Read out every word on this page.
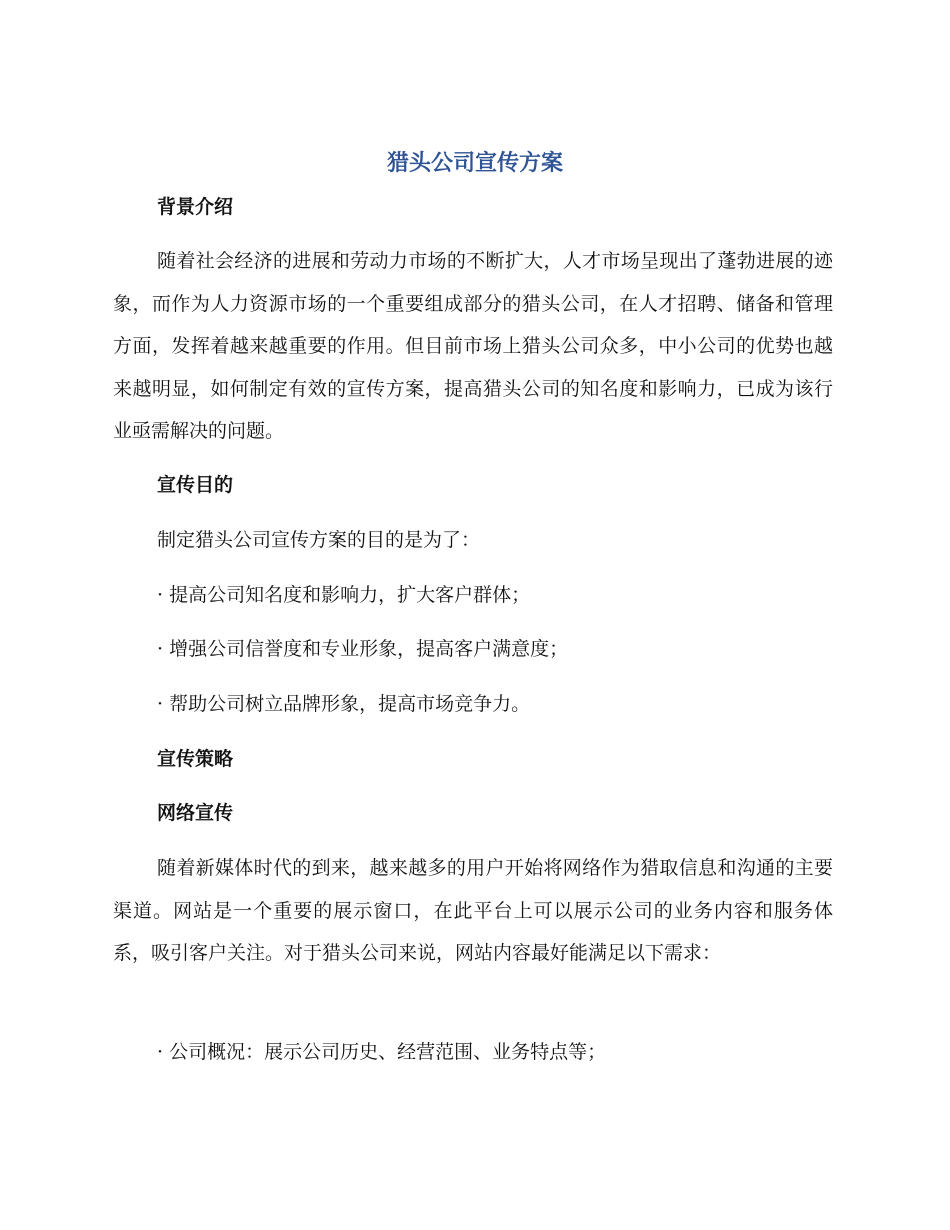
猎头公司宣传方案
背景介绍

随着社会经济的进展和劳动力市场的不断扩大，人才市场呈现出了蓬勃进展的迹象，而作为人力资源市场的一个重要组成部分的猎头公司，在人才招聘、储备和管理方面，发挥着越来越重要的作用。但目前市场上猎头公司众多，中小公司的优势也越来越明显，如何制定有效的宣传方案，提高猎头公司的知名度和影响力，已成为该行业亟需解决的问题。

宣传目的

制定猎头公司宣传方案的目的是为了：

· 提高公司知名度和影响力，扩大客户群体；

· 增强公司信誉度和专业形象，提高客户满意度；

· 帮助公司树立品牌形象，提高市场竞争力。

宣传策略
网络宣传

随着新媒体时代的到来，越来越多的用户开始将网络作为猎取信息和沟通的主要渠道。网站是一个重要的展示窗口，在此平台上可以展示公司的业务内容和服务体系，吸引客户关注。对于猎头公司来说，网站内容最好能满足以下需求：

· 公司概况：展示公司历史、经营范围、业务特点等；
